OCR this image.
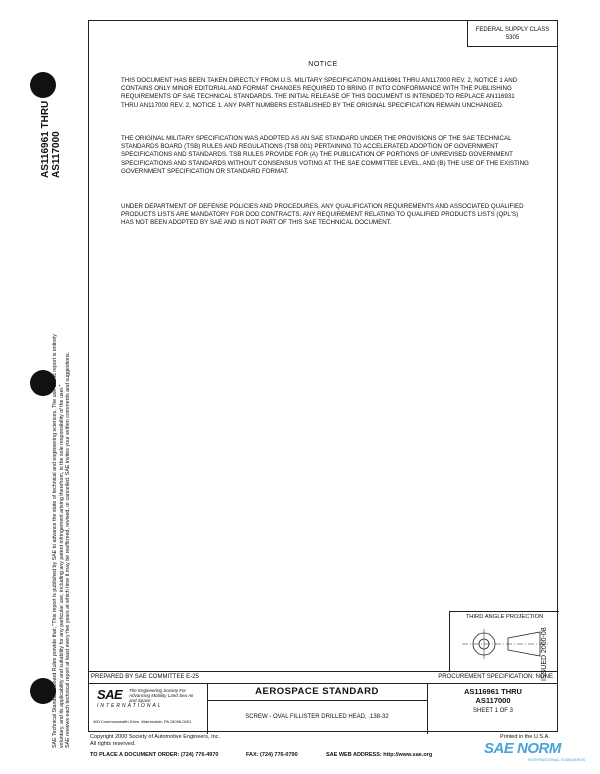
AS116961 THRU AS117000
SAE Technical Standards Board Rules provide that: "This report is published by SAE to advance the state of technical and engineering sciences. The use of this report is entirely voluntary, and its applicability and suitability for any particular use, including any patent infringement arising therefrom, is the sole responsibility of the user." SAE reviews each technical report at least every five years at which time it may be reaffirmed, revised, or cancelled. SAE invites your written comments and suggestions.
FEDERAL SUPPLY CLASS
5305
NOTICE

THIS DOCUMENT HAS BEEN TAKEN DIRECTLY FROM U.S. MILITARY SPECIFICATION AN116961 THRU AN117000 REV. 2, NOTICE 1 AND CONTAINS ONLY MINOR EDITORIAL AND FORMAT CHANGES REQUIRED TO BRING IT INTO CONFORMANCE WITH THE PUBLISHING REQUIREMENTS OF SAE TECHNICAL STANDARDS. THE INITIAL RELEASE OF THIS DOCUMENT IS INTENDED TO REPLACE AN116931 THRU AN117000 REV. 2, NOTICE 1. ANY PART NUMBERS ESTABLISHED BY THE ORIGINAL SPECIFICATION REMAIN UNCHANGED.

THE ORIGINAL MILITARY SPECIFICATION WAS ADOPTED AS AN SAE STANDARD UNDER THE PROVISIONS OF THE SAE TECHNICAL STANDARDS BOARD (TSB) RULES AND REGULATIONS (TSB 001) PERTAINING TO ACCELERATED ADOPTION OF GOVERNMENT SPECIFICATIONS AND STANDARDS. TSB RULES PROVIDE FOR (A) THE PUBLICATION OF PORTIONS OF UNREVISED GOVERNMENT SPECIFICATIONS AND STANDARDS WITHOUT CONSENSUS VOTING AT THE SAE COMMITTEE LEVEL, AND (B) THE USE OF THE EXISTING GOVERNMENT SPECIFICATION OR STANDARD FORMAT.

UNDER DEPARTMENT OF DEFENSE POLICIES AND PROCEDURES, ANY QUALIFICATION REQUIREMENTS AND ASSOCIATED QUALIFIED PRODUCTS LISTS ARE MANDATORY FOR DOD CONTRACTS. ANY REQUIREMENT RELATING TO QUALIFIED PRODUCTS LISTS (QPL'S) HAS NOT BEEN ADOPTED BY SAE AND IS NOT PART OF THIS SAE TECHNICAL DOCUMENT.

ISSUED 2000-08
THIRD ANGLE PROJECTION
PREPARED BY SAE COMMITTEE E-25	PROCUREMENT SPECIFICATION: NONE
SAE The Engineering Society For Advancing Mobility Land Sea Air and Space
INTERNATIONAL
400 Commonwealth Drive, Warrendale, PA 15096-0001
AEROSPACE STANDARD
SCREW - OVAL FILLISTER DRILLED HEAD, .138-32
AS116961 THRU
AS117000
SHEET 1 OF 3
Copyright 2000 Society of Automotive Engineers, Inc.
All rights reserved.
Printed in the U.S.A.
TO PLACE A DOCUMENT ORDER: (724) 776-4970	FAX: (724) 776-0790	SAE WEB ADDRESS: http://www.sae.org	SAE NORM
INTERNATIONAL STANDARDS
